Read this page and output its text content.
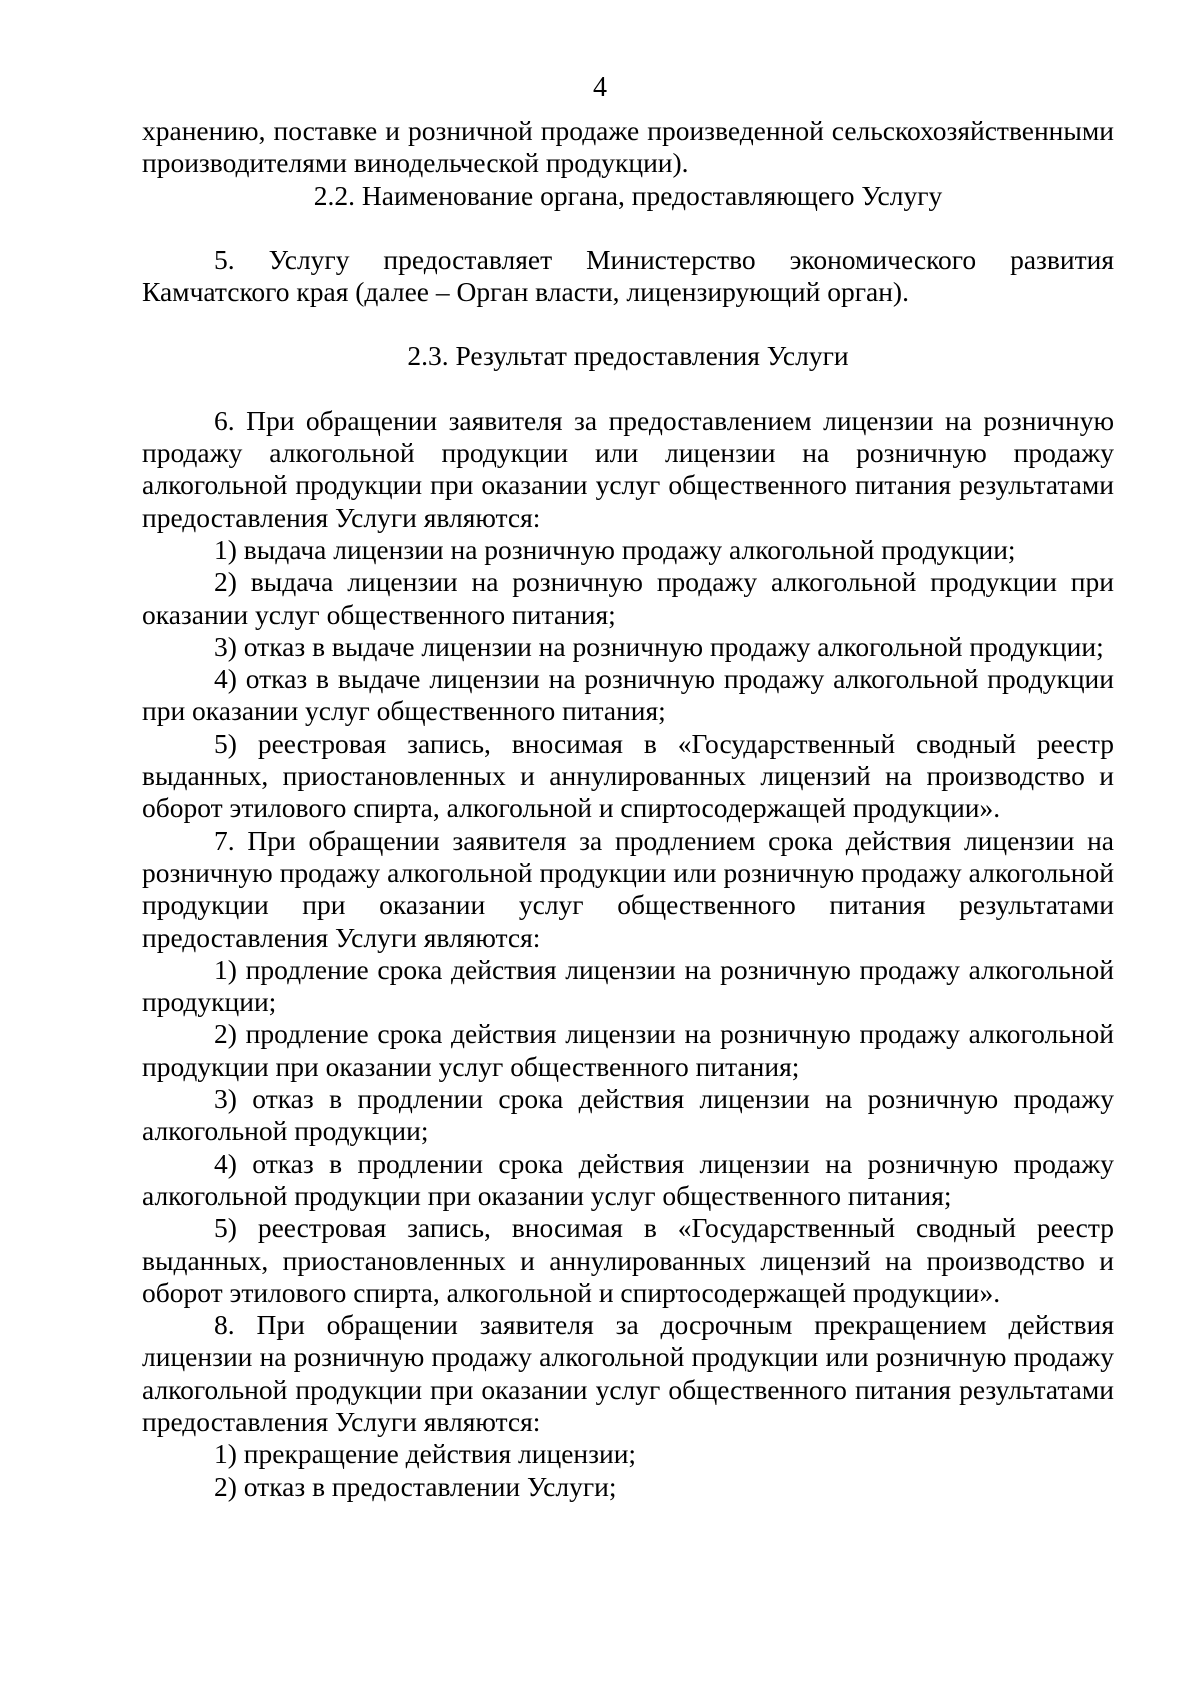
4

хранению, поставке и розничной продаже произведенной сельскохозяйственными производителями винодельческой продукции).

2.2. Наименование органа, предоставляющего Услугу

5. Услугу предоставляет Министерство экономического развития Камчатского края (далее – Орган власти, лицензирующий орган).

2.3. Результат предоставления Услуги

6. При обращении заявителя за предоставлением лицензии на розничную продажу алкогольной продукции или лицензии на розничную продажу алкогольной продукции при оказании услуг общественного питания результатами предоставления Услуги являются:

1) выдача лицензии на розничную продажу алкогольной продукции;

2) выдача лицензии на розничную продажу алкогольной продукции при оказании услуг общественного питания;

3) отказ в выдаче лицензии на розничную продажу алкогольной продукции;

4) отказ в выдаче лицензии на розничную продажу алкогольной продукции при оказании услуг общественного питания;

5) реестровая запись, вносимая в «Государственный сводный реестр выданных, приостановленных и аннулированных лицензий на производство и оборот этилового спирта, алкогольной и спиртосодержащей продукции».

7. При обращении заявителя за продлением срока действия лицензии на розничную продажу алкогольной продукции или розничную продажу алкогольной продукции при оказании услуг общественного питания результатами предоставления Услуги являются:

1) продление срока действия лицензии на розничную продажу алкогольной продукции;

2) продление срока действия лицензии на розничную продажу алкогольной продукции при оказании услуг общественного питания;

3) отказ в продлении срока действия лицензии на розничную продажу алкогольной продукции;

4) отказ в продлении срока действия лицензии на розничную продажу алкогольной продукции при оказании услуг общественного питания;

5) реестровая запись, вносимая в «Государственный сводный реестр выданных, приостановленных и аннулированных лицензий на производство и оборот этилового спирта, алкогольной и спиртосодержащей продукции».

8. При обращении заявителя за досрочным прекращением действия лицензии на розничную продажу алкогольной продукции или розничную продажу алкогольной продукции при оказании услуг общественного питания результатами предоставления Услуги являются:

1) прекращение действия лицензии;

2) отказ в предоставлении Услуги;
